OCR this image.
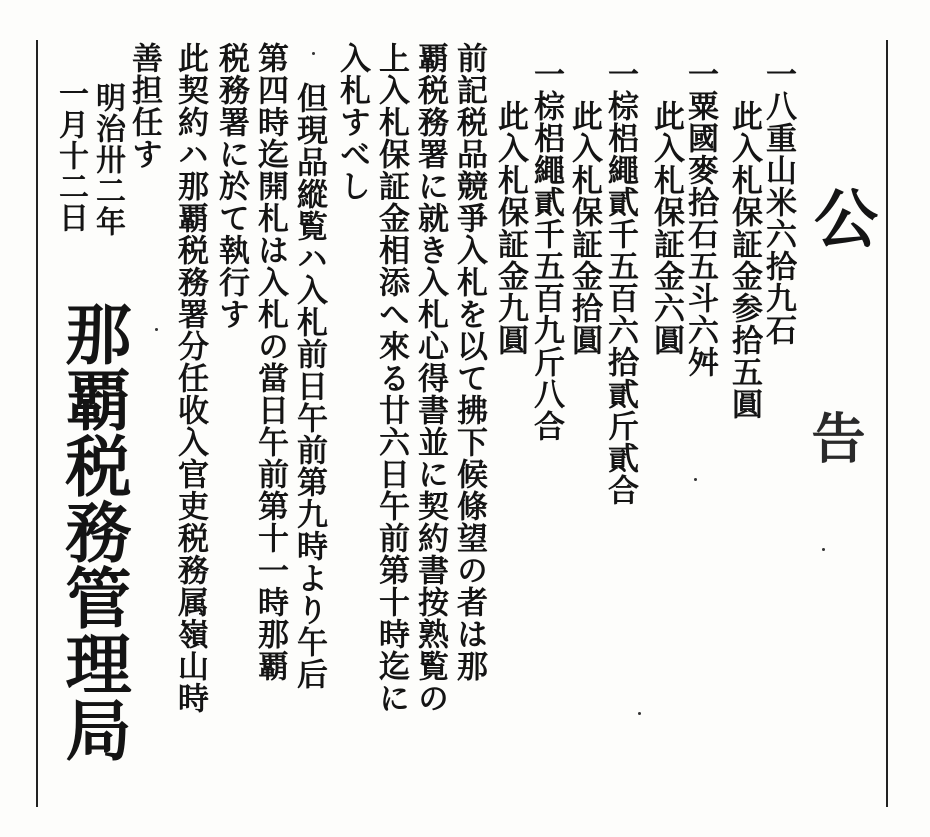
公
告
一八重山米六拾九石
此入札保証金参拾五圓
一粟國麥拾石五斗六舛
此入札保証金六圓
一棕梠繩貳千五百六拾貳斤貳合
此入札保証金拾圓
一棕梠繩貳千五百九斤八合
此入札保証金九圓
前記税品競爭入札を以て拂下候條望の者は那
覇税務署に就き入札心得書並に契約書按熟覧の
上入札保証金相添へ來る廿六日午前第十時迄に
入札すべし
但現品縱覧ハ入札前日午前第九時より午后
第四時迄開札は入札の當日午前第十一時那覇
税務署に於て執行す
此契約ハ那覇税務署分任收入官吏税務属嶺山時
善担任す
明治卅二年
一月十二日
那覇税務管理局
